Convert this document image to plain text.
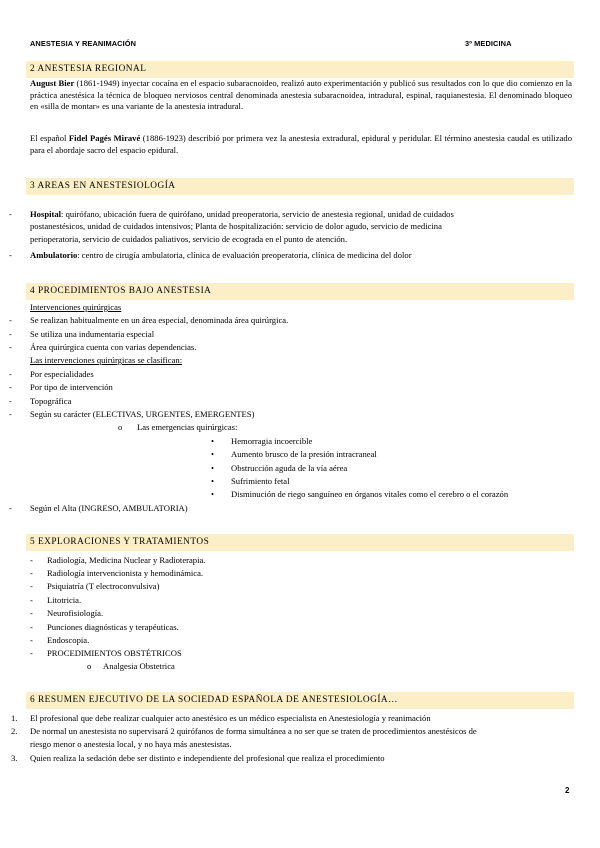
ANESTESIA Y REANIMACIÓN	3º MEDICINA
2 ANESTESIA REGIONAL
August Bier (1861-1949) inyectar cocaína en el espacio subaracnoideo, realizó auto experimentación y publicó sus resultados con lo que dio comienzo en la práctica anestésica la técnica de bloqueo nerviosos central denominada anestesia subaracnoidea, intradural, espinal, raquianestesia. El denominado bloqueo en «silla de montar» es una variante de la anestesia intradural.
El español Fidel Pagés Miravé (1886-1923) describió por primera vez la anestesia extradural, epidural y peridular. El término anestesia caudal es utilizado para el abordaje sacro del espacio epidural.
3 AREAS EN ANESTESIOLOGÍA
- Hospital: quirófano, ubicación fuera de quirófano, unidad preoperatoria, servicio de anestesia regional, unidad de cuidados
postanestésicos, unidad de cuidados intensivos; Planta de hospitalización: servicio de dolor agudo, servicio de medicina
perioperatoria, servicio de cuidados paliativos, servicio de ecograda en el punto de atención.
- Ambulatorio: centro de cirugía ambulatoria, clínica de evaluación preoperatoria, clínica de medicina del dolor
4 PROCEDIMIENTOS BAJO ANESTESIA
Intervenciones quirúrgicas
- Se realizan habitualmente en un área especial, denominada área quirúrgica.
- Se utiliza una indumentaria especial
- Área quirúrgica cuenta con varias dependencias.
Las intervenciones quirúrgicas se clasifican:
- Por especialidades
- Por tipo de intervención
- Topográfica
- Según su carácter (ELECTIVAS, URGENTES, EMERGENTES)
o Las emergencias quirúrgicas:
• Hemorragia incoercible
• Aumento brusco de la presión intracraneal
• Obstrucción aguda de la vía aérea
• Sufrimiento fetal
• Disminución de riego sanguíneo en órganos vitales como el cerebro o el corazón
- Según el Alta (INGRESO, AMBULATORIA)
5 EXPLORACIONES Y TRATAMIENTOS
- Radiología, Medicina Nuclear y Radioterapia.
- Radiología intervencionista y hemodinámica.
- Psiquiatría (T electroconvulsiva)
- Litotricia.
- Neurofisiología.
- Punciones diagnósticas y terapéuticas.
- Endoscopia.
- PROCEDIMIENTOS OBSTÉTRICOS
o Analgesia Obstetrica
6 RESUMEN EJECUTIVO DE LA SOCIEDAD ESPAÑOLA DE ANESTESIOLOGÍA…
1. El profesional que debe realizar cualquier acto anestésico es un médico especialista en Anestesiología y reanimación
2. De normal un anestesista no supervisará 2 quirófanos de forma simultánea a no ser que se traten de procedimientos anestésicos de
riesgo menor o anestesia local, y no haya más anestesistas.
3. Quien realiza la sedación debe ser distinto e independiente del profesional que realiza el procedimiento
2
